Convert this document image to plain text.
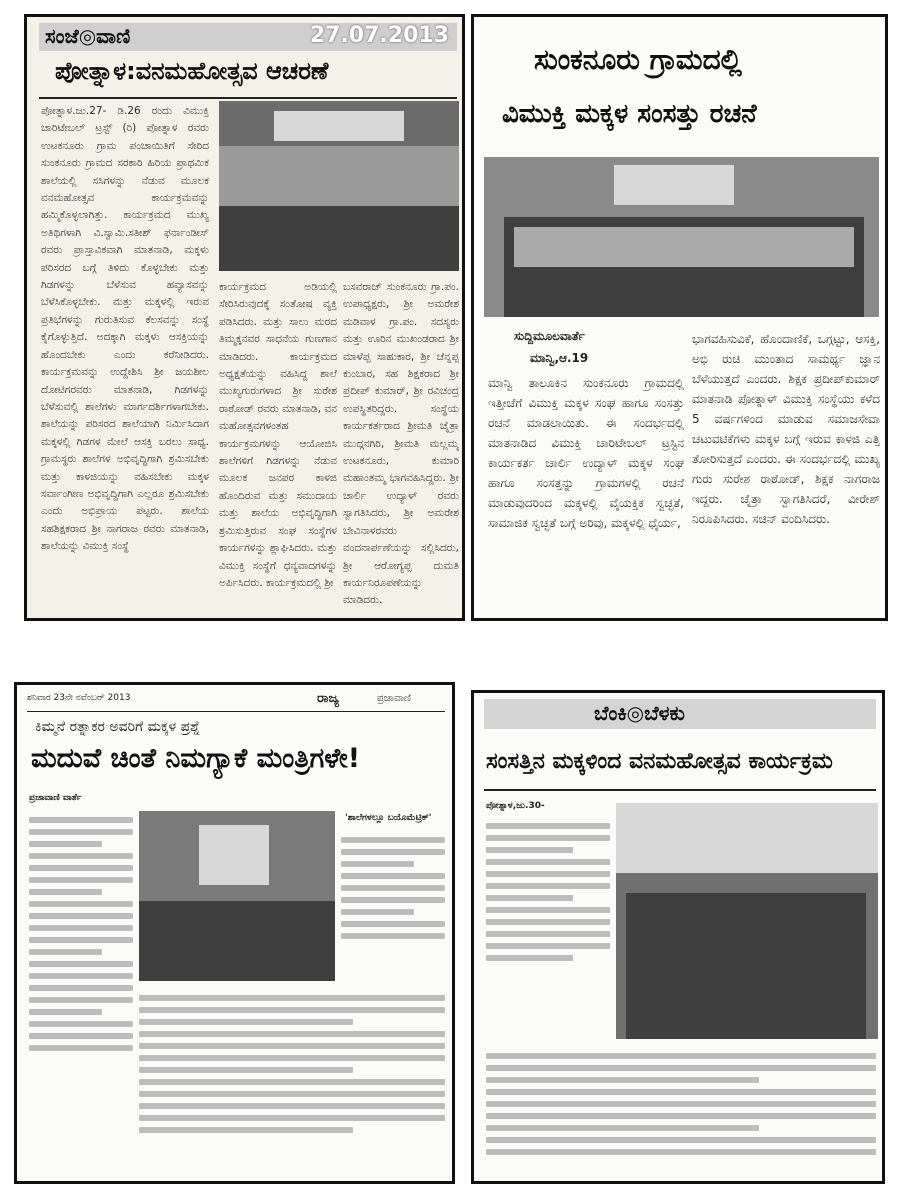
ಸಂಜೆ◎ವಾಣಿ	27.07.2013
ಪೋತ್ನಾಳ:ವನಮಹೋತ್ಸವ ಆಚರಣೆ
ಪೋತ್ನಾಳ.ಜು.27- ಡಿ.26 ರಂದು ವಿಮುಕ್ತಿ ಚಾರಿಟೇಬಲ್ ಟ್ರಸ್ಟ್ (ರಿ) ಪೋತ್ನಾಳ ರವರು ಉಟಕನೂರು ಗ್ರಾಮ ಪಂಚಾಯಿತಿಗೆ ಸೇರಿದ ಸುಂಕನೂರು ಗ್ರಾಮದ ಸರಕಾರಿ ಹಿರಿಯ ಪ್ರಾಥಮಿಕ ಶಾಲೆಯಲ್ಲಿ ಸಸಿಗಳನ್ನು ನೆಡುವ ಮೂಲಕ ವನಮಹೋತ್ಸವ ಕಾರ್ಯಕ್ರಮವನ್ನು ಹಮ್ಮಿಕೊಳ್ಳಲಾಗಿತ್ತು. ಕಾರ್ಯಕ್ರಮದ ಮುಖ್ಯ ಅತಿಥಿಗಳಾಗಿ ವಿ.ಸ್ವಾಮಿ.ಸತೀಶ್ ಫರ್ನಾಂಡೀಸ್ ರವರು ಪ್ರಾಸ್ತಾವಿಕವಾಗಿ ಮಾತನಾಡಿ, ಮಕ್ಕಳು ಪರಿಸರದ ಬಗ್ಗೆ ತಿಳಿದು ಕೊಳ್ಳಬೇಕು ಮತ್ತು ಗಿಡಗಳನ್ನು ಬೆಳೆಸುವ ಹವ್ಯಾಸವನ್ನು ಬೆಳೆಸಿಕೊಳ್ಳಬೇಕು. ಮತ್ತು ಮಕ್ಕಳಲ್ಲಿ ಇರುವ ಪ್ರತಿಭೆಗಳನ್ನು ಗುರುತಿಸುವ ಕೆಲಸವನ್ನು ಸಂಸ್ಥೆ ಕೈಗೊಳ್ಳುತ್ತಿದೆ. ಅದಕ್ಕಾಗಿ ಮಕ್ಕಳು ಆಸಕ್ತಿಯನ್ನು ಹೊಂದಬೇಕು ಎಂದು ಕರೆನೀಡಿದರು. ಕಾರ್ಯಕ್ರಮವನ್ನು ಉದ್ದೇಶಿಸಿ ಶ್ರೀ ಜಯಶೀಲ ದೋಟಿಗರವರು ಮಾತನಾಡಿ, ಗಿಡಗಳನ್ನು ಬೆಳೆಸುವಲ್ಲಿ ಶಾಲೆಗಳು ಮಾರ್ಗದರ್ಶಿಗಳಾಗಬೇಕು. ಶಾಲೆಯನ್ನು ಪರಿಸರದ ಶಾಲೆಯಾಗಿ ನಿರ್ಮಿಸಿದಾಗ ಮಕ್ಕಳಲ್ಲಿ ಗಿಡಗಳ ಮೇಲೆ ಆಸಕ್ತಿ ಬರಲು ಸಾಧ್ಯ. ಗ್ರಾಮಸ್ಥರು ಶಾಲೆಗಳ ಅಭಿವೃದ್ಧಿಗಾಗಿ ಶ್ರಮಿಸಬೇಕು ಮತ್ತು ಕಾಳಜಿಯನ್ನು ವಹಿಸಬೇಕು ಮಕ್ಕಳ ಸರ್ವಾಂಗೀಣ ಅಭಿವೃದ್ಧಿಗಾಗಿ ಎಲ್ಲರೂ ಶ್ರಮಿಸಬೇಕು ಎಂದು ಅಭಿಪ್ರಾಯ ಪಟ್ಟರು. ಶಾಲೆಯ ಸಹಶಿಕ್ಷಕರಾದ ಶ್ರೀ ನಾಗರಾಜ ರವರು ಮಾತನಾಡಿ, ಶಾಲೆಯನ್ನು ವಿಮುಕ್ತಿ ಸಂಸ್ಥೆ
ಕಾರ್ಯಕ್ರಮದ ಅಡಿಯಲ್ಲಿ ಸೇರಿಸಿರುವುದಕ್ಕೆ ಸಂತೋಷ ವ್ಯಕ್ತಿ ಪಡಿಸಿದರು. ಮತ್ತು ಸಾಲು ಮರದ ತಿಮ್ಮಕ್ಕನವರ ಸಾಧನೆಯ ಗುಣಗಾನ ಮಾಡಿದರು. ಕಾರ್ಯಕ್ರಮದ ಅಧ್ಯಕ್ಷತೆಯನ್ನು ವಹಿಸಿದ್ದ ಶಾಲೆ ಮುಖ್ಯಗುರುಗಳಾದ ಶ್ರೀ ಸುರೇಶ ರಾಠೋಡ್ ರವರು ಮಾತನಾಡಿ, ವನ ಮಹೋತ್ಸವಗಳಂತಹ ಕಾರ್ಯಕ್ರಮಗಳನ್ನು ಆಯೋಜಿಸಿ ಶಾಲೆಗಳಿಗೆ ಗಿಡಗಳನ್ನು ನೆಡುವ ಮೂಲಕ ಜನಪರ ಕಾಳಜಿ ಹೊಂದಿರುವ ಮತ್ತು ಸಮುದಾಯ ಮತ್ತು ಶಾಲೆಯ ಅಭಿವೃದ್ಧಿಗಾಗಿ ಶ್ರಮಿಸುತ್ತಿರುವ ಸಂಘ ಸಂಸ್ಥೆಗಳ ಕಾರ್ಯಗಳನ್ನು ಶ್ಲಾಘಿಸಿದರು. ಮತ್ತು ವಿಮುಕ್ತಿ ಸಂಸ್ಥೆಗೆ ಧನ್ಯವಾದಗಳನ್ನು ಅರ್ಪಿಸಿದರು. ಕಾರ್ಯಕ್ರಮದಲ್ಲಿ ಶ್ರೀ
ಬಸವರಾಜ್ ಸುಂಕನೂರು ಗ್ರಾ.ಪಂ. ಉಪಾಧ್ಯಕ್ಷರು, ಶ್ರೀ ಅಮರೇಶ ಮಡಿವಾಳ ಗ್ರಾ.ಪಂ. ಸದಸ್ಯರು ಮತ್ತು ಊರಿನ ಮುಖಂಡರಾದ ಶ್ರೀ ಮಾಳೆಪ್ಪ ಸಾಹುಕಾರ, ಶ್ರೀ ಚೆನ್ನಪ್ಪ ಕುಂಬಾರ, ಸಹ ಶಿಕ್ಷಕರಾದ ಶ್ರೀ ಪ್ರದೀಪ್ ಕುಮಾರ್, ಶ್ರೀ ರವಿಚಂದ್ರ ಉಪಸ್ಥಿತರಿದ್ದರು. ಸಂಸ್ಥೆಯ ಕಾರ್ಯಕರ್ತರಾದ ಶ್ರೀಮತಿ ಚೈತ್ರಾ ಮುದ್ಗನಗಿರಿ, ಶ್ರೀಮತಿ ಮಲ್ಲಮ್ಮ ಉಟಕನೂರು, ಕುಮಾರಿ ಮಹಾಂತಮ್ಮ ಭಾಗವಹಿಸಿದ್ದರು. ಶ್ರೀ ಚಾರ್ಲಿ ಉದ್ಯಾಳ್ ರವರು ಸ್ವಾಗತಿಸಿದರು, ಶ್ರೀ ಅಮರೇಶ ಬೇವಿನಾಳರವರು ವಂದನಾರ್ಪಣೆಯನ್ನು ಸಲ್ಲಿಸಿದರು, ಶ್ರೀ ಆರೋಗ್ಯಪ್ಪ ದುಮತಿ ಕಾರ್ಯನಿರೂಪಣೆಯನ್ನು ಮಾಡಿದರು.
ಸುಂಕನೂರು ಗ್ರಾಮದಲ್ಲಿ
ವಿಮುಕ್ತಿ ಮಕ್ಕಳ ಸಂಸತ್ತು ರಚನೆ
ಸುದ್ದಿಮೂಲವಾರ್ತೆ
ಮಾನ್ವಿ,ಆ.19
ಮಾನ್ವಿ ತಾಲೂಕಿನ ಸುಂಕನೂರು ಗ್ರಾಮದಲ್ಲಿ ಇತ್ತೀಚೆಗೆ ವಿಮುಕ್ತಿ ಮಕ್ಕಳ ಸಂಘ ಹಾಗೂ ಸಂಸತ್ತು ರಚನೆ ಮಾಡಲಾಯಿತು. ಈ ಸಂದರ್ಭದಲ್ಲಿ ಮಾತನಾಡಿದ ವಿಮುಕ್ತಿ ಚಾರಿಟೇಬಲ್ ಟ್ರಸ್ಟಿನ ಕಾರ್ಯಕರ್ತ ಚಾರ್ಲಿ ಉದ್ಯಾಳ್ ಮಕ್ಕಳ ಸಂಘ ಹಾಗೂ ಸಂಸತ್ತನ್ನು ಗ್ರಾಮಗಳಲ್ಲಿ ರಚನೆ ಮಾಡುವುದರಿಂದ ಮಕ್ಕಳಲ್ಲಿ ವೈಯಕ್ತಿಕ ಸ್ವಚ್ಛತೆ, ಸಾಮಾಜಿಕ ಸ್ವಚ್ಛತೆ ಬಗ್ಗೆ ಅರಿವು, ಮಕ್ಕಳಲ್ಲಿ ಧೈರ್ಯ,
ಭಾಗವಹಿಸುವಿಕೆ, ಹೊಂದಾಣಿಕೆ, ಒಗ್ಗಟ್ಟು, ಆಸಕ್ತಿ, ಅಭಿ ರುಚಿ ಮುಂತಾದ ಸಾಮರ್ಥ್ಯ ಜ್ಞಾನ ಬೆಳೆಯುತ್ತದೆ ಎಂದರು. ಶಿಕ್ಷಕ ಪ್ರದೀಪ್‌ಕುಮಾರ್ ಮಾತನಾಡಿ ಪೋತ್ನಾಳ್ ವಿಮುಕ್ತಿ ಸಂಸ್ಥೆಯು ಕಳೆದ 5 ವರ್ಷಗಳಿಂದ ಮಾಡುವ ಸಮಾಜಸೇವಾ ಚಟುವಟಿಕೆಗಳು ಮಕ್ಕಳ ಬಗ್ಗೆ ಇರುವ ಕಾಳಜಿ ಎತ್ತಿ ತೋರಿಸುತ್ತದೆ ಎಂದರು. ಈ ಸಂದರ್ಭದಲ್ಲಿ ಮುಖ್ಯ ಗುರು ಸುರೇಶ ರಾಠೋಡ್, ಶಿಕ್ಷಕ ನಾಗರಾಜ ಇದ್ದರು. ಚೈತ್ರಾ ಸ್ವಾಗತಿಸಿದರೆ, ವೀರೇಶ್ ನಿರೂಪಿಸಿದರು. ಸಚಿನ್ ವಂದಿಸಿದರು.
ಶನಿವಾರ 23ನೇ ನವೆಂಬರ್ 2013	ರಾಜ್ಯ	ಪ್ರಜಾವಾಣಿ
ಕಿಮ್ಮನೆ ರತ್ನಾಕರ ಅವರಿಗೆ ಮಕ್ಕಳ ಪ್ರಶ್ನೆ
ಮದುವೆ ಚಿಂತೆ ನಿಮಗ್ಯಾಕೆ ಮಂತ್ರಿಗಳೇ!
ಪ್ರಜಾವಾಣಿ ವಾರ್ತೆ
'ಶಾಲೆಗಳಲ್ಲೂ ಬಯೊಮೆಟ್ರಿಕ್'
ಬೆಂಕಿ◎ಬೆಳಕು
ಸಂಸತ್ತಿನ ಮಕ್ಕಳಿಂದ ವನಮಹೋತ್ಸವ ಕಾರ್ಯಕ್ರಮ
ಪೋತ್ನಾಳ,ಜು.30-
